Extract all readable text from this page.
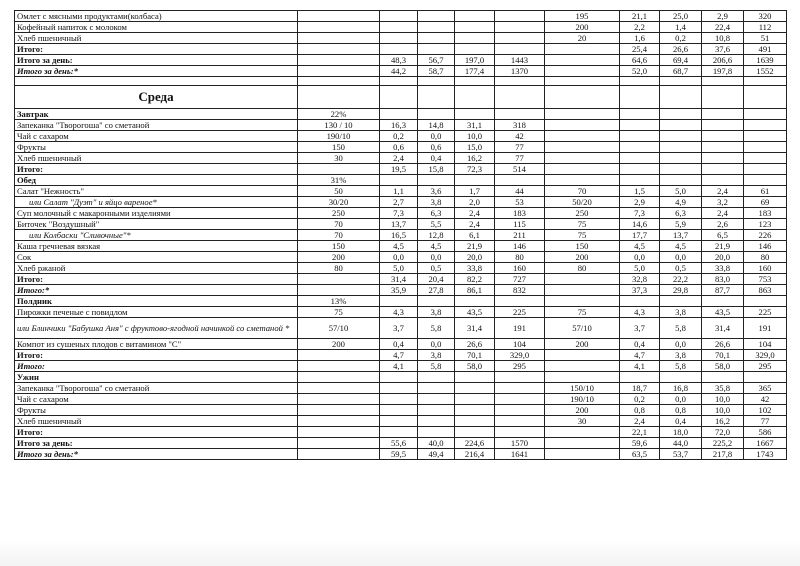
Омлет с мясными продуктами(колбаса)						195	21,1	25,0	2,9	320
Кофейный напиток с молоком						200	2,2	1,4	22,4	112
Хлеб пшеничный						20	1,6	0,2	10,8	51
Итого:							25,4	26,6	37,6	491
Итого за день:		48,3	56,7	197,0	1443		64,6	69,4	206,6	1639
Итого за день:*		44,2	58,7	177,4	1370		52,0	68,7	197,8	1552

Среда										
Завтрак	22%									
Запеканка "Творогоша" со сметаной	130 / 10	16,3	14,8	31,1	318					
Чай с сахаром	190/10	0,2	0,0	10,0	42					
Фрукты	150	0,6	0,6	15,0	77					
Хлеб пшеничный	30	2,4	0,4	16,2	77					
Итого:		19,5	15,8	72,3	514					
Обед	31%									
Салат "Нежность"	50	1,1	3,6	1,7	44	70	1,5	5,0	2,4	61
или Салат "Дуэт" и яйцо вареное*	30/20	2,7	3,8	2,0	53	50/20	2,9	4,9	3,2	69
Суп молочный с макаронными изделиями	250	7,3	6,3	2,4	183	250	7,3	6,3	2,4	183
Биточек "Воздушный"	70	13,7	5,5	2,4	115	75	14,6	5,9	2,6	123
или Колбаски "Сливочные"*	70	16,5	12,8	6,1	211	75	17,7	13,7	6,5	226
Каша гречневая вязкая	150	4,5	4,5	21,9	146	150	4,5	4,5	21,9	146
Сок	200	0,0	0,0	20,0	80	200	0,0	0,0	20,0	80
Хлеб ржаной	80	5,0	0,5	33,8	160	80	5,0	0,5	33,8	160
Итого:		31,4	20,4	82,2	727		32,8	22,2	83,0	753
Итого:*		35,9	27,8	86,1	832		37,3	29,8	87,7	863
Полдник	13%									
Пирожки печеные с повидлом	75	4,3	3,8	43,5	225	75	4,3	3,8	43,5	225
или Блинчики "Бабушка Аня" с фруктово-ягодной начинкой со сметаной *	57/10	3,7	5,8	31,4	191	57/10	3,7	5,8	31,4	191
Компот из сушеных плодов с витамином "С"	200	0,4	0,0	26,6	104	200	0,4	0,0	26,6	104
Итого:		4,7	3,8	70,1	329,0		4,7	3,8	70,1	329,0
Итого:		4,1	5,8	58,0	295		4,1	5,8	58,0	295
Ужин										
Запеканка "Творогоша" со сметаной						150/10	18,7	16,8	35,8	365
Чай с сахаром						190/10	0,2	0,0	10,0	42
Фрукты						200	0,8	0,8	10,0	102
Хлеб пшеничный						30	2,4	0,4	16,2	77
Итого:							22,1	18,0	72,0	586
Итого за день:		55,6	40,0	224,6	1570		59,6	44,0	225,2	1667
Итого за день:*		59,5	49,4	216,4	1641		63,5	53,7	217,8	1743
